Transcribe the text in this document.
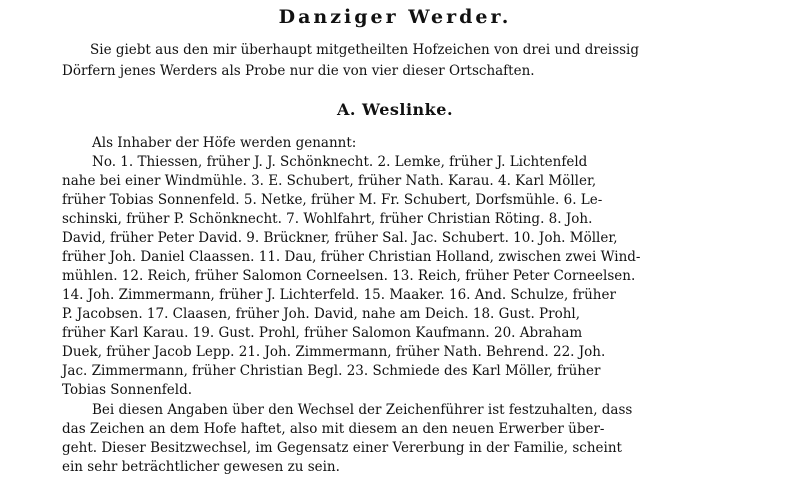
Danziger Werder.
Sie giebt aus den mir überhaupt mitgetheilten Hofzeichen von drei und dreissig
Dörfern jenes Werders als Probe nur die von vier dieser Ortschaften.
A. Weslinke.
Als Inhaber der Höfe werden genannt:
No. 1. Thiessen, früher J. J. Schönknecht. 2. Lemke, früher J. Lichtenfeld
nahe bei einer Windmühle. 3. E. Schubert, früher Nath. Karau. 4. Karl Möller,
früher Tobias Sonnenfeld. 5. Netke, früher M. Fr. Schubert, Dorfsmühle. 6. Le-
schinski, früher P. Schönknecht. 7. Wohlfahrt, früher Christian Röting. 8. Joh.
David, früher Peter David. 9. Brückner, früher Sal. Jac. Schubert. 10. Joh. Möller,
früher Joh. Daniel Claassen. 11. Dau, früher Christian Holland, zwischen zwei Wind-
mühlen. 12. Reich, früher Salomon Corneelsen. 13. Reich, früher Peter Corneelsen.
14. Joh. Zimmermann, früher J. Lichterfeld. 15. Maaker. 16. And. Schulze, früher
P. Jacobsen. 17. Claasen, früher Joh. David, nahe am Deich. 18. Gust. Prohl,
früher Karl Karau. 19. Gust. Prohl, früher Salomon Kaufmann. 20. Abraham
Duek, früher Jacob Lepp. 21. Joh. Zimmermann, früher Nath. Behrend. 22. Joh.
Jac. Zimmermann, früher Christian Begl. 23. Schmiede des Karl Möller, früher
Tobias Sonnenfeld.
Bei diesen Angaben über den Wechsel der Zeichenführer ist festzuhalten, dass
das Zeichen an dem Hofe haftet, also mit diesem an den neuen Erwerber über-
geht. Dieser Besitzwechsel, im Gegensatz einer Vererbung in der Familie, scheint
ein sehr beträchtlicher gewesen zu sein.
